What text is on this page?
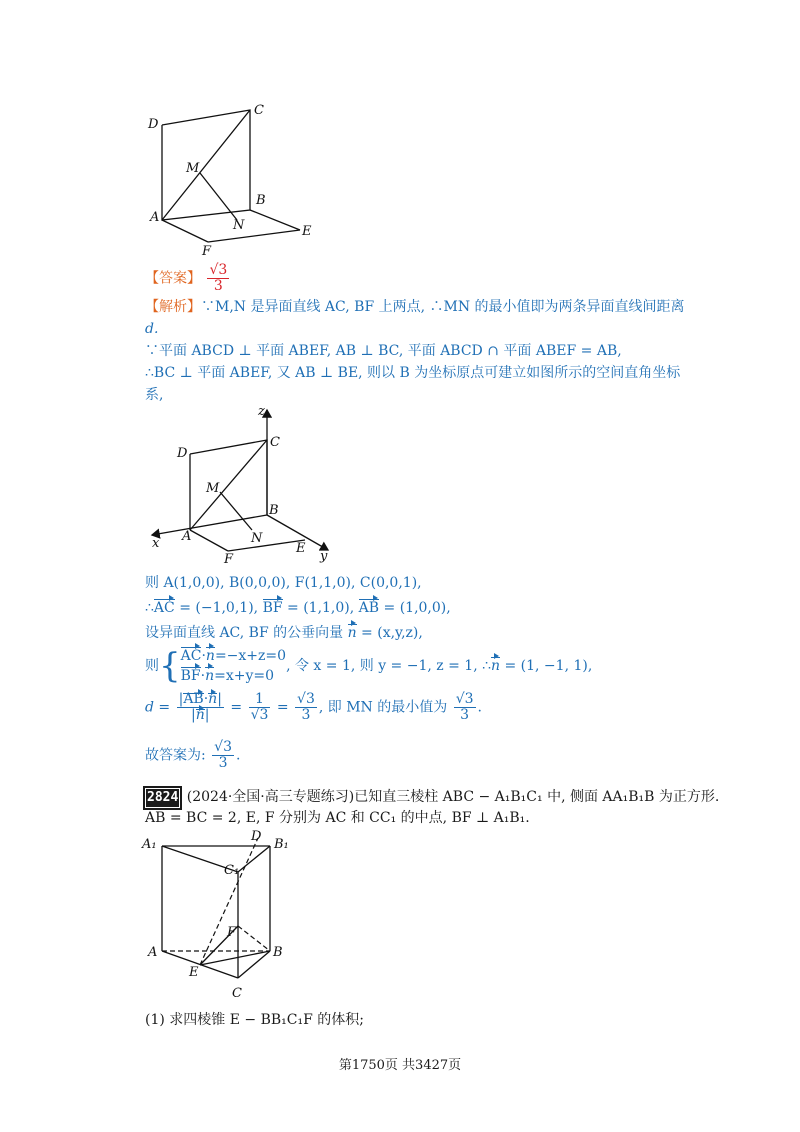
D
C
M
A
B
N
F
E
【答案】 $\frac{√3}{3}$
【解析】∵M,N 是异面直线 AC, BF 上两点, ∴MN 的最小值即为两条异面直线间距离
d.
∵平面 ABCD ⊥ 平面 ABEF, AB ⊥ BC, 平面 ABCD ∩ 平面 ABEF = AB,
∴BC ⊥ 平面 ABEF, 又 AB ⊥ BE, 则以 B 为坐标原点可建立如图所示的空间直角坐标
系,
z
C
D
M
B
x A	N
F
E
y
则 A(1,0,0), B(0,0,0), F(1,1,0), C(0,0,1),
∴AC = (−1,0,1), BF = (1,1,0), AB = (1,0,0),
设异面直线 AC, BF 的公垂向量 n = (x,y,z),
则{ AC·n=−x+z=0
BF·n=x+y=0
, 令 x = 1, 则 y = −1, z = 1, ∴n = (1, −1, 1),
$d = \frac{|AB\cdot n|}{|n|} = \frac{1}{√3} = \frac{√3}{3}$ , 即 MN 的最小值为 $\frac{√3}{3}$ .
故答案为: $\frac{√3}{3}$ .
2824 (2024·全国·高三专题练习)已知直三棱柱 ABC − A₁B₁C₁ 中, 侧面 AA₁B₁B 为正方形.
AB = BC = 2, E, F 分别为 AC 和 CC₁ 的中点, BF ⊥ A₁B₁.
A₁
D
B₁
C₁
F
A	B
E
C
(1) 求四棱锥 E − BB₁C₁F 的体积;
第1750页 共3427页
